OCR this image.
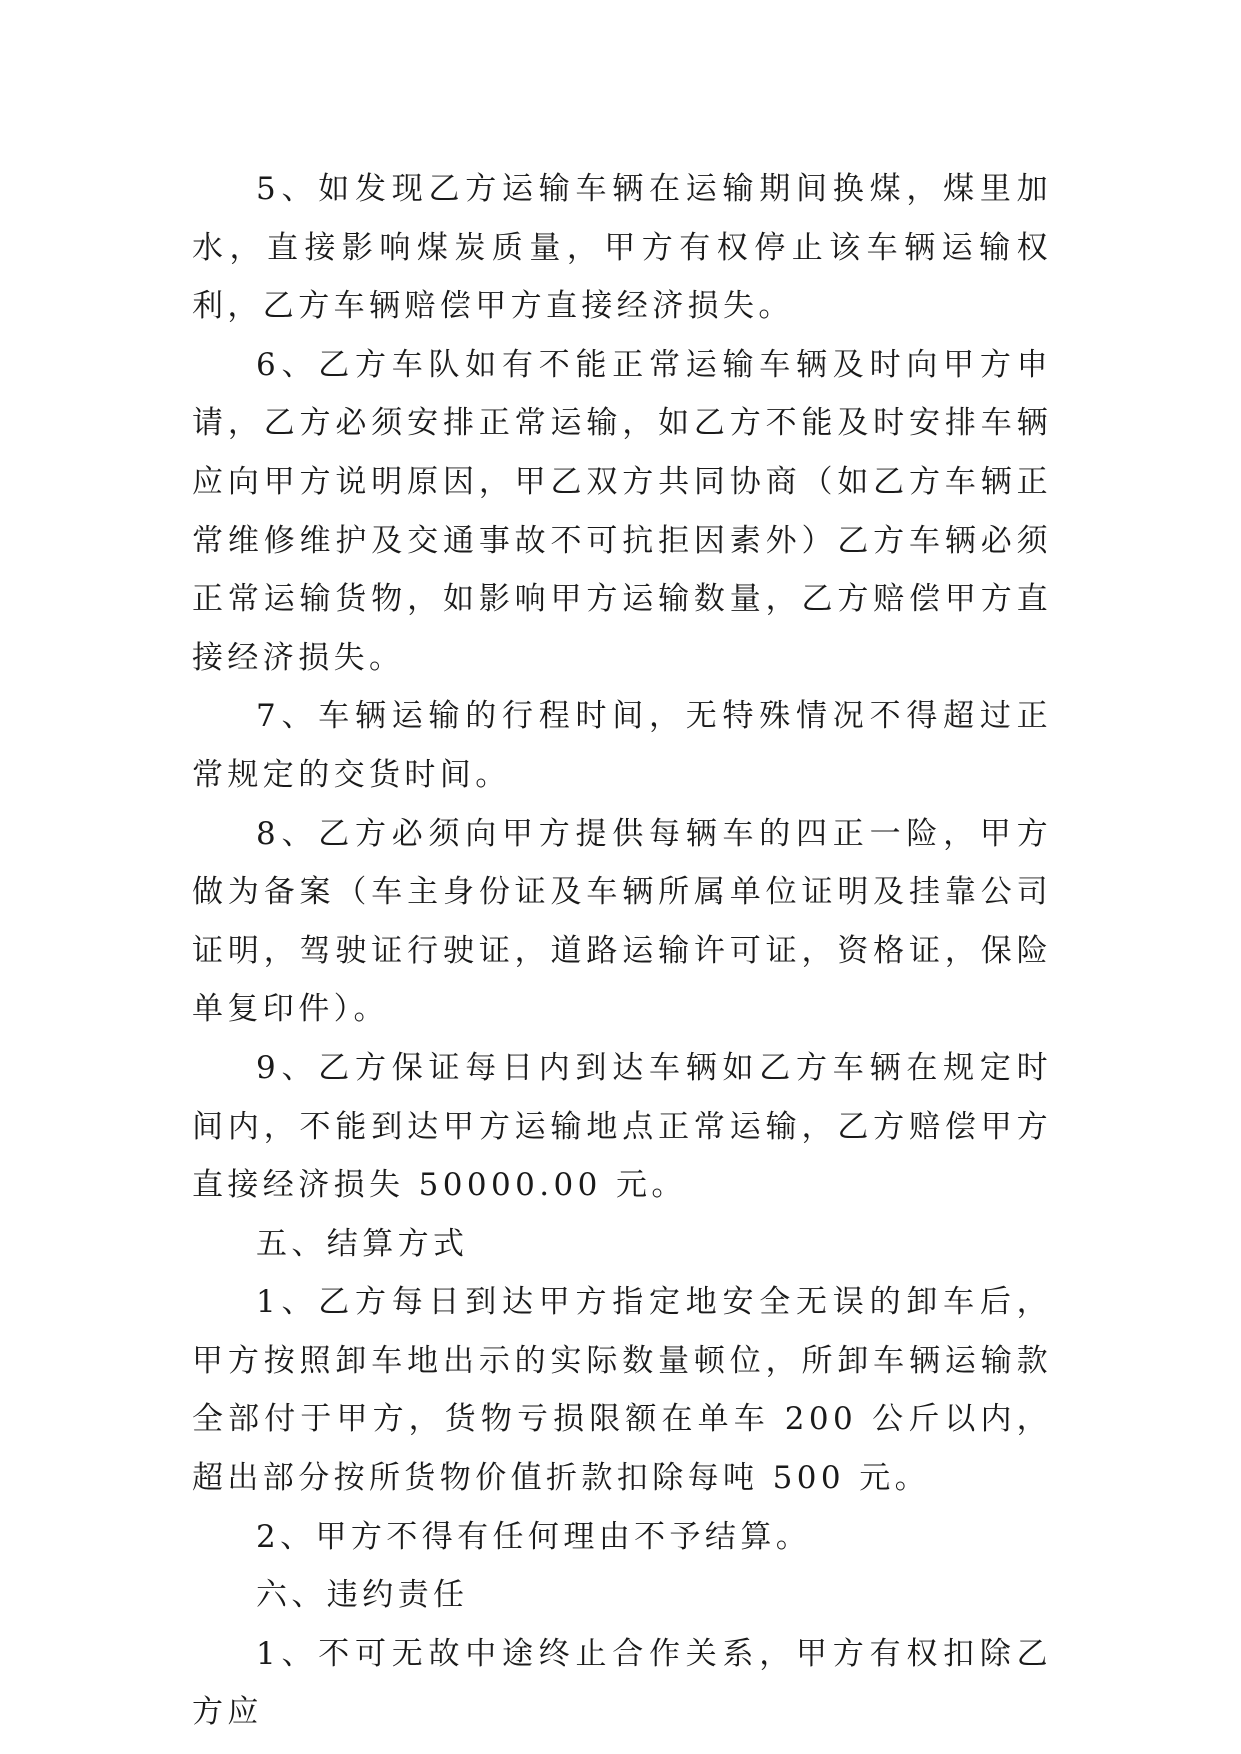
5、如发现乙方运输车辆在运输期间换煤，煤里加水，直接影响煤炭质量，甲方有权停止该车辆运输权利，乙方车辆赔偿甲方直接经济损失。

6、乙方车队如有不能正常运输车辆及时向甲方申请，乙方必须安排正常运输，如乙方不能及时安排车辆应向甲方说明原因，甲乙双方共同协商（如乙方车辆正常维修维护及交通事故不可抗拒因素外）乙方车辆必须正常运输货物，如影响甲方运输数量，乙方赔偿甲方直接经济损失。

7、车辆运输的行程时间，无特殊情况不得超过正常规定的交货时间。

8、乙方必须向甲方提供每辆车的四正一险，甲方做为备案（车主身份证及车辆所属单位证明及挂靠公司证明，驾驶证行驶证，道路运输许可证，资格证，保险单复印件）。

9、乙方保证每日内到达车辆如乙方车辆在规定时间内，不能到达甲方运输地点正常运输，乙方赔偿甲方直接经济损失 50000.00 元。

五、结算方式

1、乙方每日到达甲方指定地安全无误的卸车后，甲方按照卸车地出示的实际数量顿位，所卸车辆运输款全部付于甲方，货物亏损限额在单车 200 公斤以内，超出部分按所货物价值折款扣除每吨 500 元。

2、甲方不得有任何理由不予结算。

六、违约责任

1、不可无故中途终止合作关系，甲方有权扣除乙方应
